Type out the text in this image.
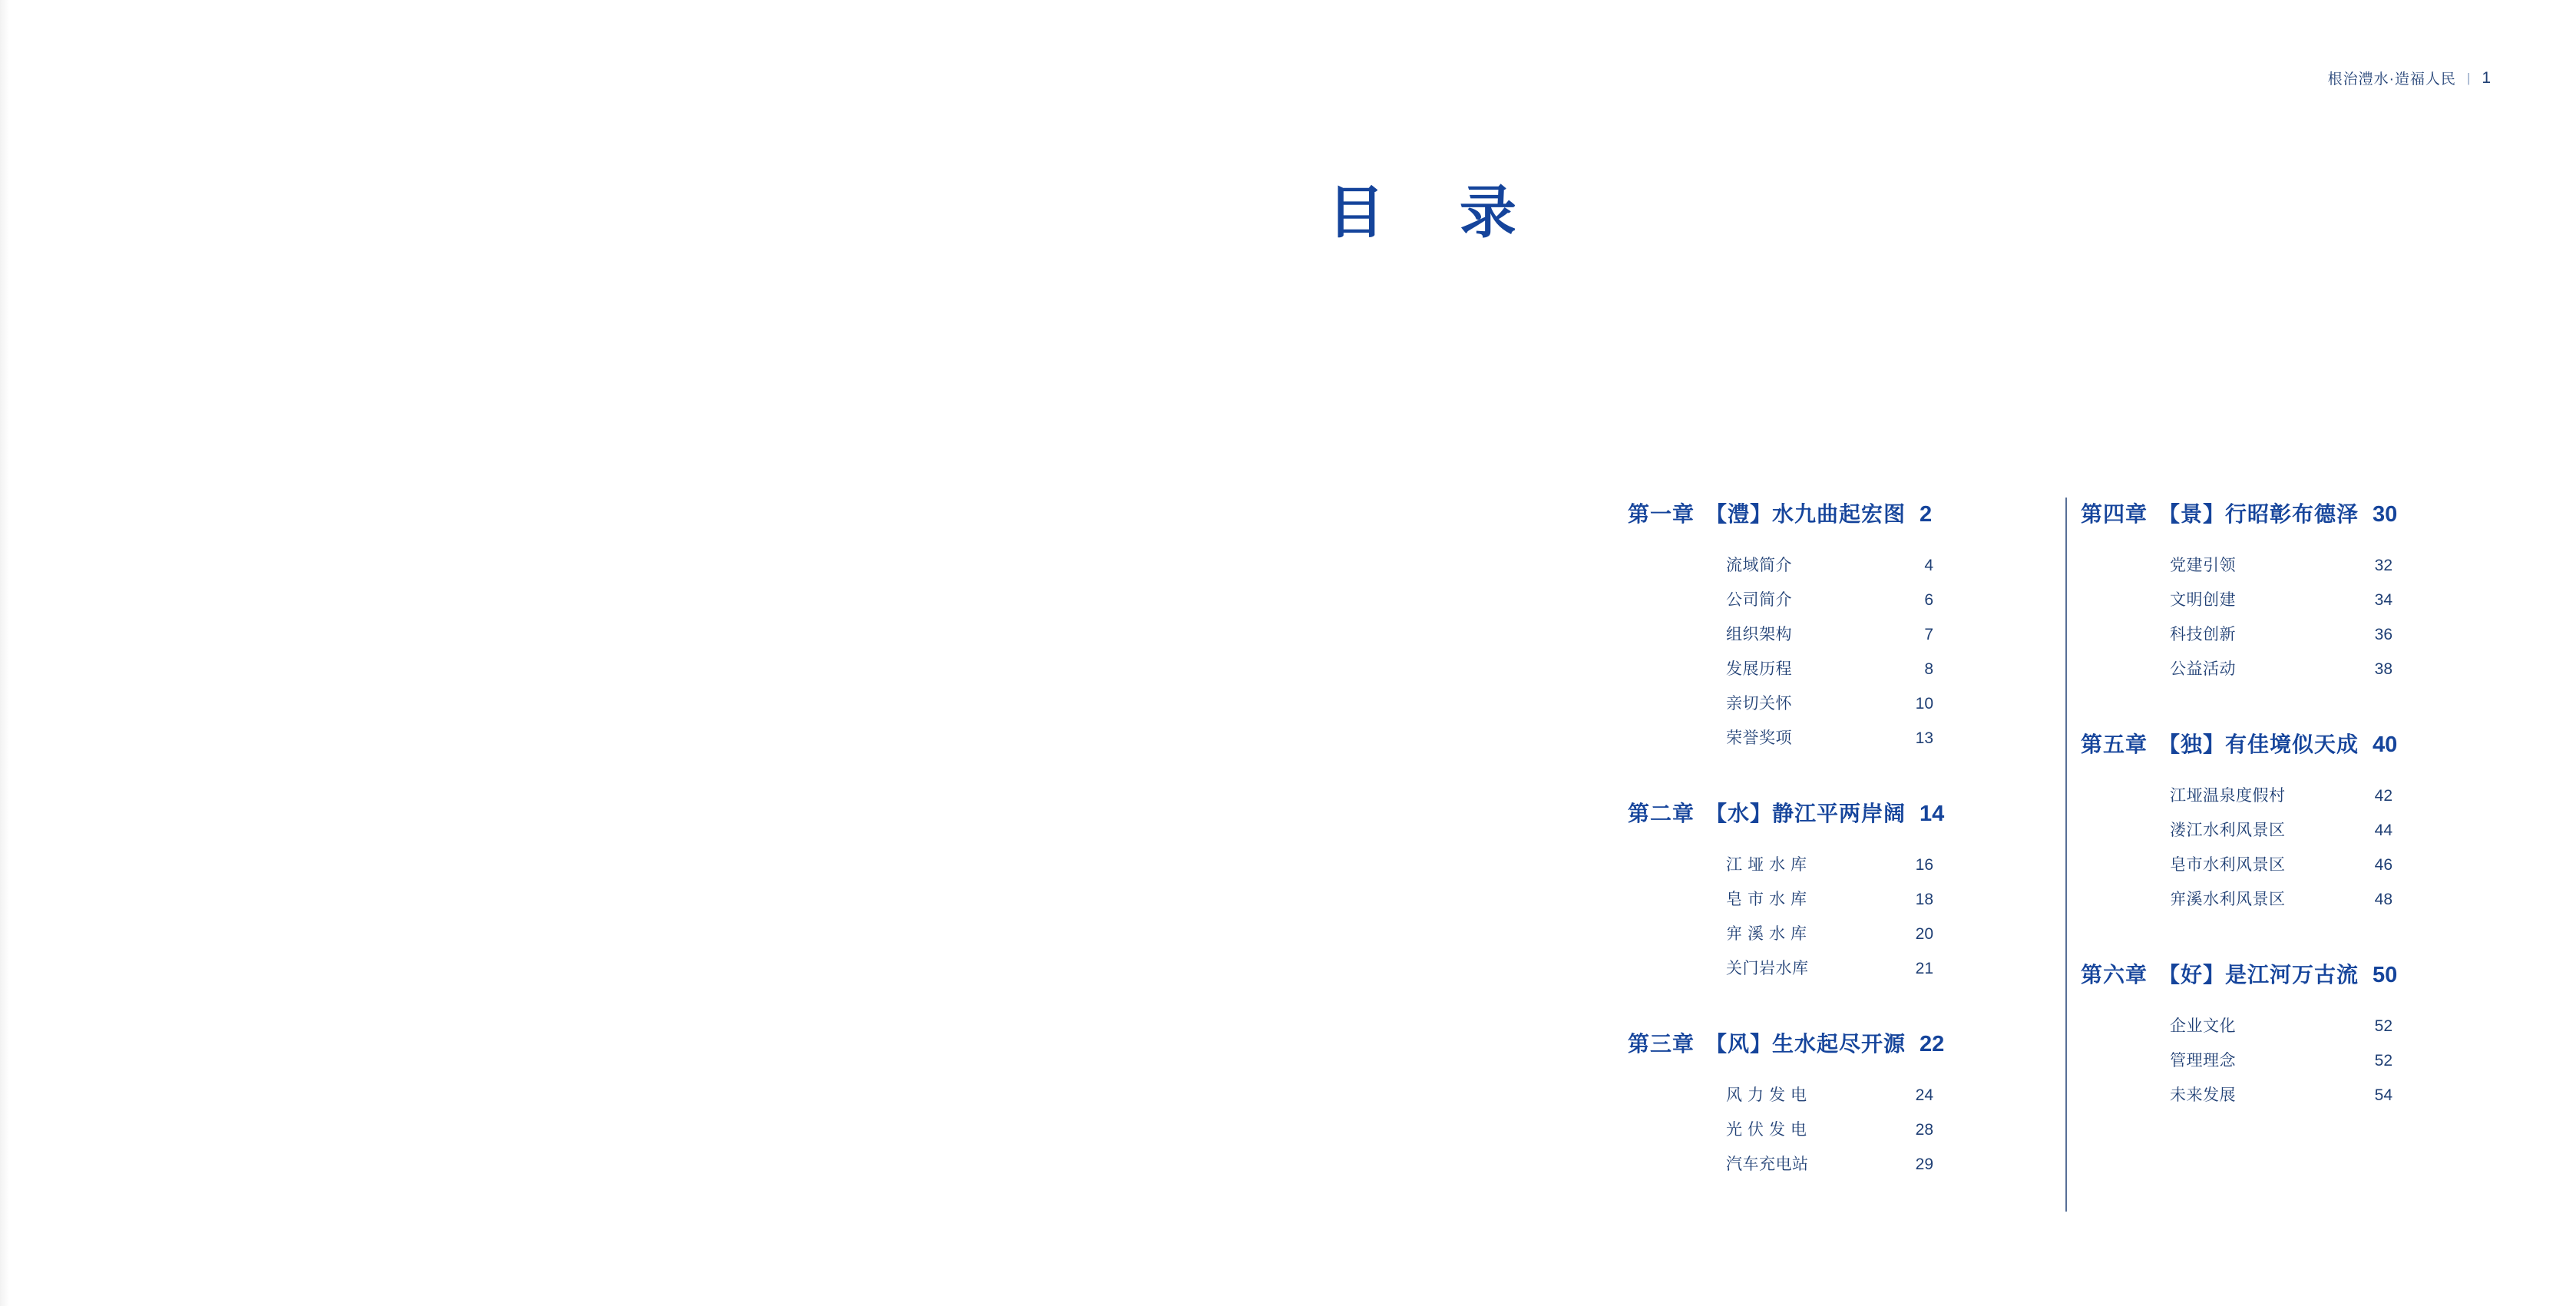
根治澧水·造福人民 | 1
目 录
第一章 【澧】水九曲起宏图 2
流域简介	4
公司简介	6
组织架构	7
发展历程	8
亲切关怀	10
荣誉奖项	13
第二章 【水】静江平两岸阔 14
江垭水库	16
皂市水库	18
宑溪水库	20
关门岩水库	21
第三章 【风】生水起尽开源 22
风力发电	24
光伏发电	28
汽车充电站	29
第四章 【景】行昭彰布德泽 30
党建引领	32
文明创建	34
科技创新	36
公益活动	38
第五章 【独】有佳境似天成 40
江垭温泉度假村	42
溇江水利风景区	44
皂市水利风景区	46
宑溪水利风景区	48
第六章 【好】是江河万古流 50
企业文化	52
管理理念	52
未来发展	54
